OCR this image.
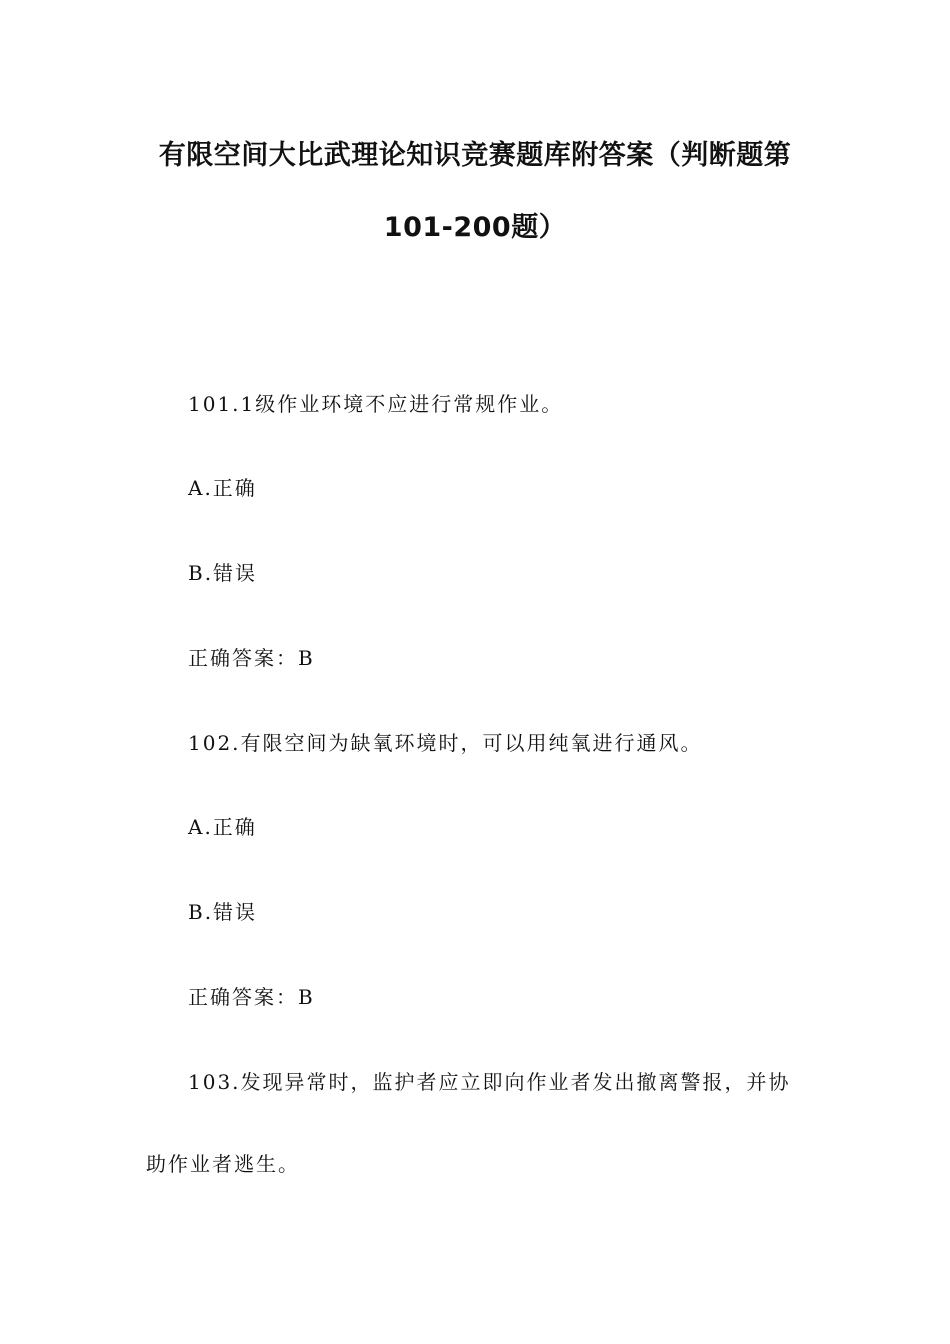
有限空间大比武理论知识竞赛题库附答案（判断题第
101-200题）
101.1级作业环境不应进行常规作业。
A.正确
B.错误
正确答案：B
102.有限空间为缺氧环境时，可以用纯氧进行通风。
A.正确
B.错误
正确答案：B
103.发现异常时，监护者应立即向作业者发出撤离警报，并协
助作业者逃生。
